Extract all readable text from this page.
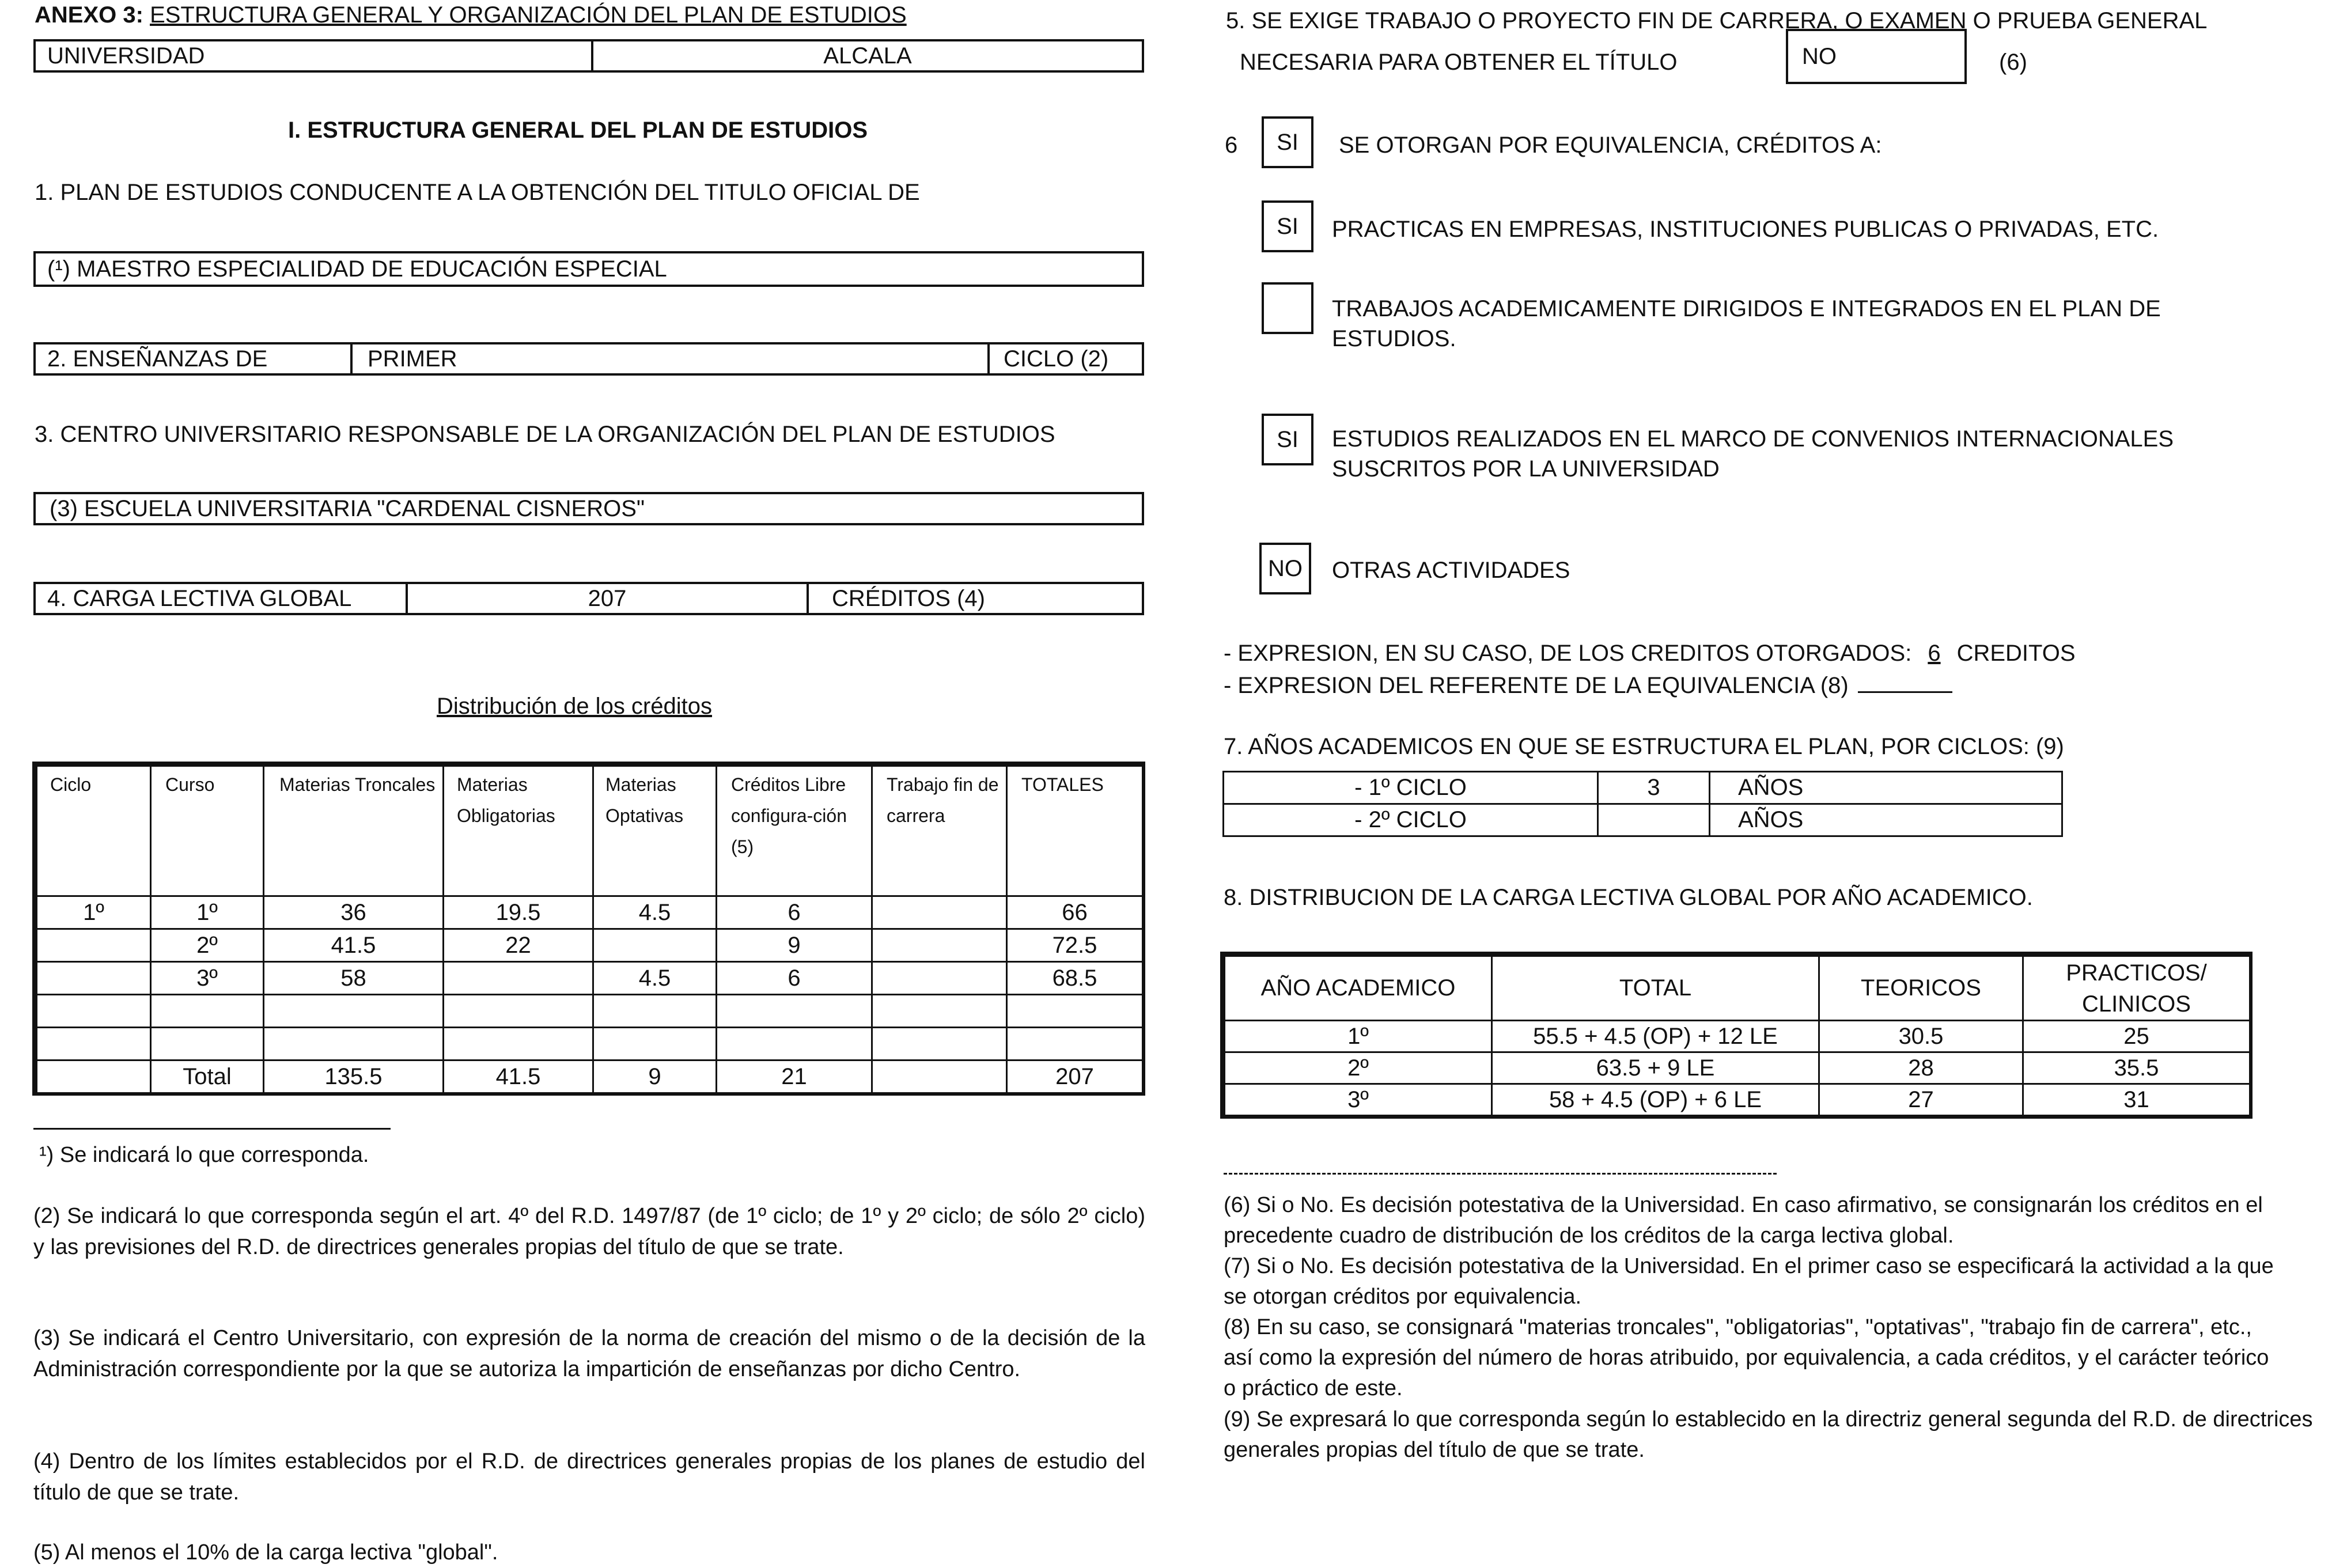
ANEXO 3: ESTRUCTURA GENERAL Y ORGANIZACIÓN DEL PLAN DE ESTUDIOS
UNIVERSIDAD	ALCALA
I. ESTRUCTURA GENERAL DEL PLAN DE ESTUDIOS
1. PLAN DE ESTUDIOS CONDUCENTE A LA OBTENCIÓN DEL TITULO OFICIAL DE
(¹)
MAESTRO ESPECIALIDAD DE EDUCACIÓN ESPECIAL
2. ENSEÑANZAS DE	PRIMER	CICLO (2)
3. CENTRO UNIVERSITARIO RESPONSABLE DE LA ORGANIZACIÓN DEL PLAN DE ESTUDIOS
(3) ESCUELA UNIVERSITARIA "CARDENAL CISNEROS"
4. CARGA LECTIVA GLOBAL	207	CRÉDITOS (4)
Distribución de los créditos
Ciclo	Curso	Materias Troncales	Materias Obligatorias	Materias Optativas	Créditos Libre configura-ción (5)	Trabajo fin de carrera	TOTALES
1º	1º	36	19.5	4.5	6		66
	2º	41.5	22		9		72.5
	3º	58		4.5	6		68.5

	Total	135.5	41.5	9	21		207
¹) Se indicará lo que corresponda.
(2) Se indicará lo que corresponda según el art. 4º del R.D. 1497/87 (de 1º ciclo; de 1º y 2º ciclo; de sólo 2º ciclo) y las previsiones del R.D. de directrices generales propias del título de que se trate.
(3) Se indicará el Centro Universitario, con expresión de la norma de creación del mismo o de la decisión de la Administración correspondiente por la que se autoriza la impartición de enseñanzas por dicho Centro.
(4) Dentro de los límites establecidos por el R.D. de directrices generales propias de los planes de estudio del título de que se trate.
(5) Al menos el 10% de la carga lectiva "global".
5. SE EXIGE TRABAJO O PROYECTO FIN DE CARRERA, O EXAMEN O PRUEBA GENERAL
NECESARIA PARA OBTENER EL TÍTULO	NO	(6)
6 SI SE OTORGAN POR EQUIVALENCIA, CRÉDITOS A:
SI PRACTICAS EN EMPRESAS, INSTITUCIONES PUBLICAS O PRIVADAS, ETC.
TRABAJOS ACADEMICAMENTE DIRIGIDOS E INTEGRADOS EN EL PLAN DE ESTUDIOS.
SI ESTUDIOS REALIZADOS EN EL MARCO DE CONVENIOS INTERNACIONALES SUSCRITOS POR LA UNIVERSIDAD
NO OTRAS ACTIVIDADES
- EXPRESION, EN SU CASO, DE LOS CREDITOS OTORGADOS: 6 CREDITOS
- EXPRESION DEL REFERENTE DE LA EQUIVALENCIA (8)
7. AÑOS ACADEMICOS EN QUE SE ESTRUCTURA EL PLAN, POR CICLOS: (9)
- 1º CICLO	3	AÑOS
- 2º CICLO		AÑOS
8. DISTRIBUCION DE LA CARGA LECTIVA GLOBAL POR AÑO ACADEMICO.
AÑO ACADEMICO	TOTAL	TEORICOS	PRACTICOS/ CLINICOS
1º	55.5 + 4.5 (OP) + 12 LE	30.5	25
2º	63.5 + 9 LE	28	35.5
3º	58 + 4.5 (OP) + 6 LE	27	31
(6) Si o No. Es decisión potestativa de la Universidad. En caso afirmativo, se consignarán los créditos en el precedente cuadro de distribución de los créditos de la carga lectiva global.
(7) Si o No. Es decisión potestativa de la Universidad. En el primer caso se especificará la actividad a la que se otorgan créditos por equivalencia.
(8) En su caso, se consignará "materias troncales", "obligatorias", "optativas", "trabajo fin de carrera", etc., así como la expresión del número de horas atribuido, por equivalencia, a cada créditos, y el carácter teórico o práctico de este.
(9) Se expresará lo que corresponda según lo establecido en la directriz general segunda del R.D. de directrices generales propias del título de que se trate.
